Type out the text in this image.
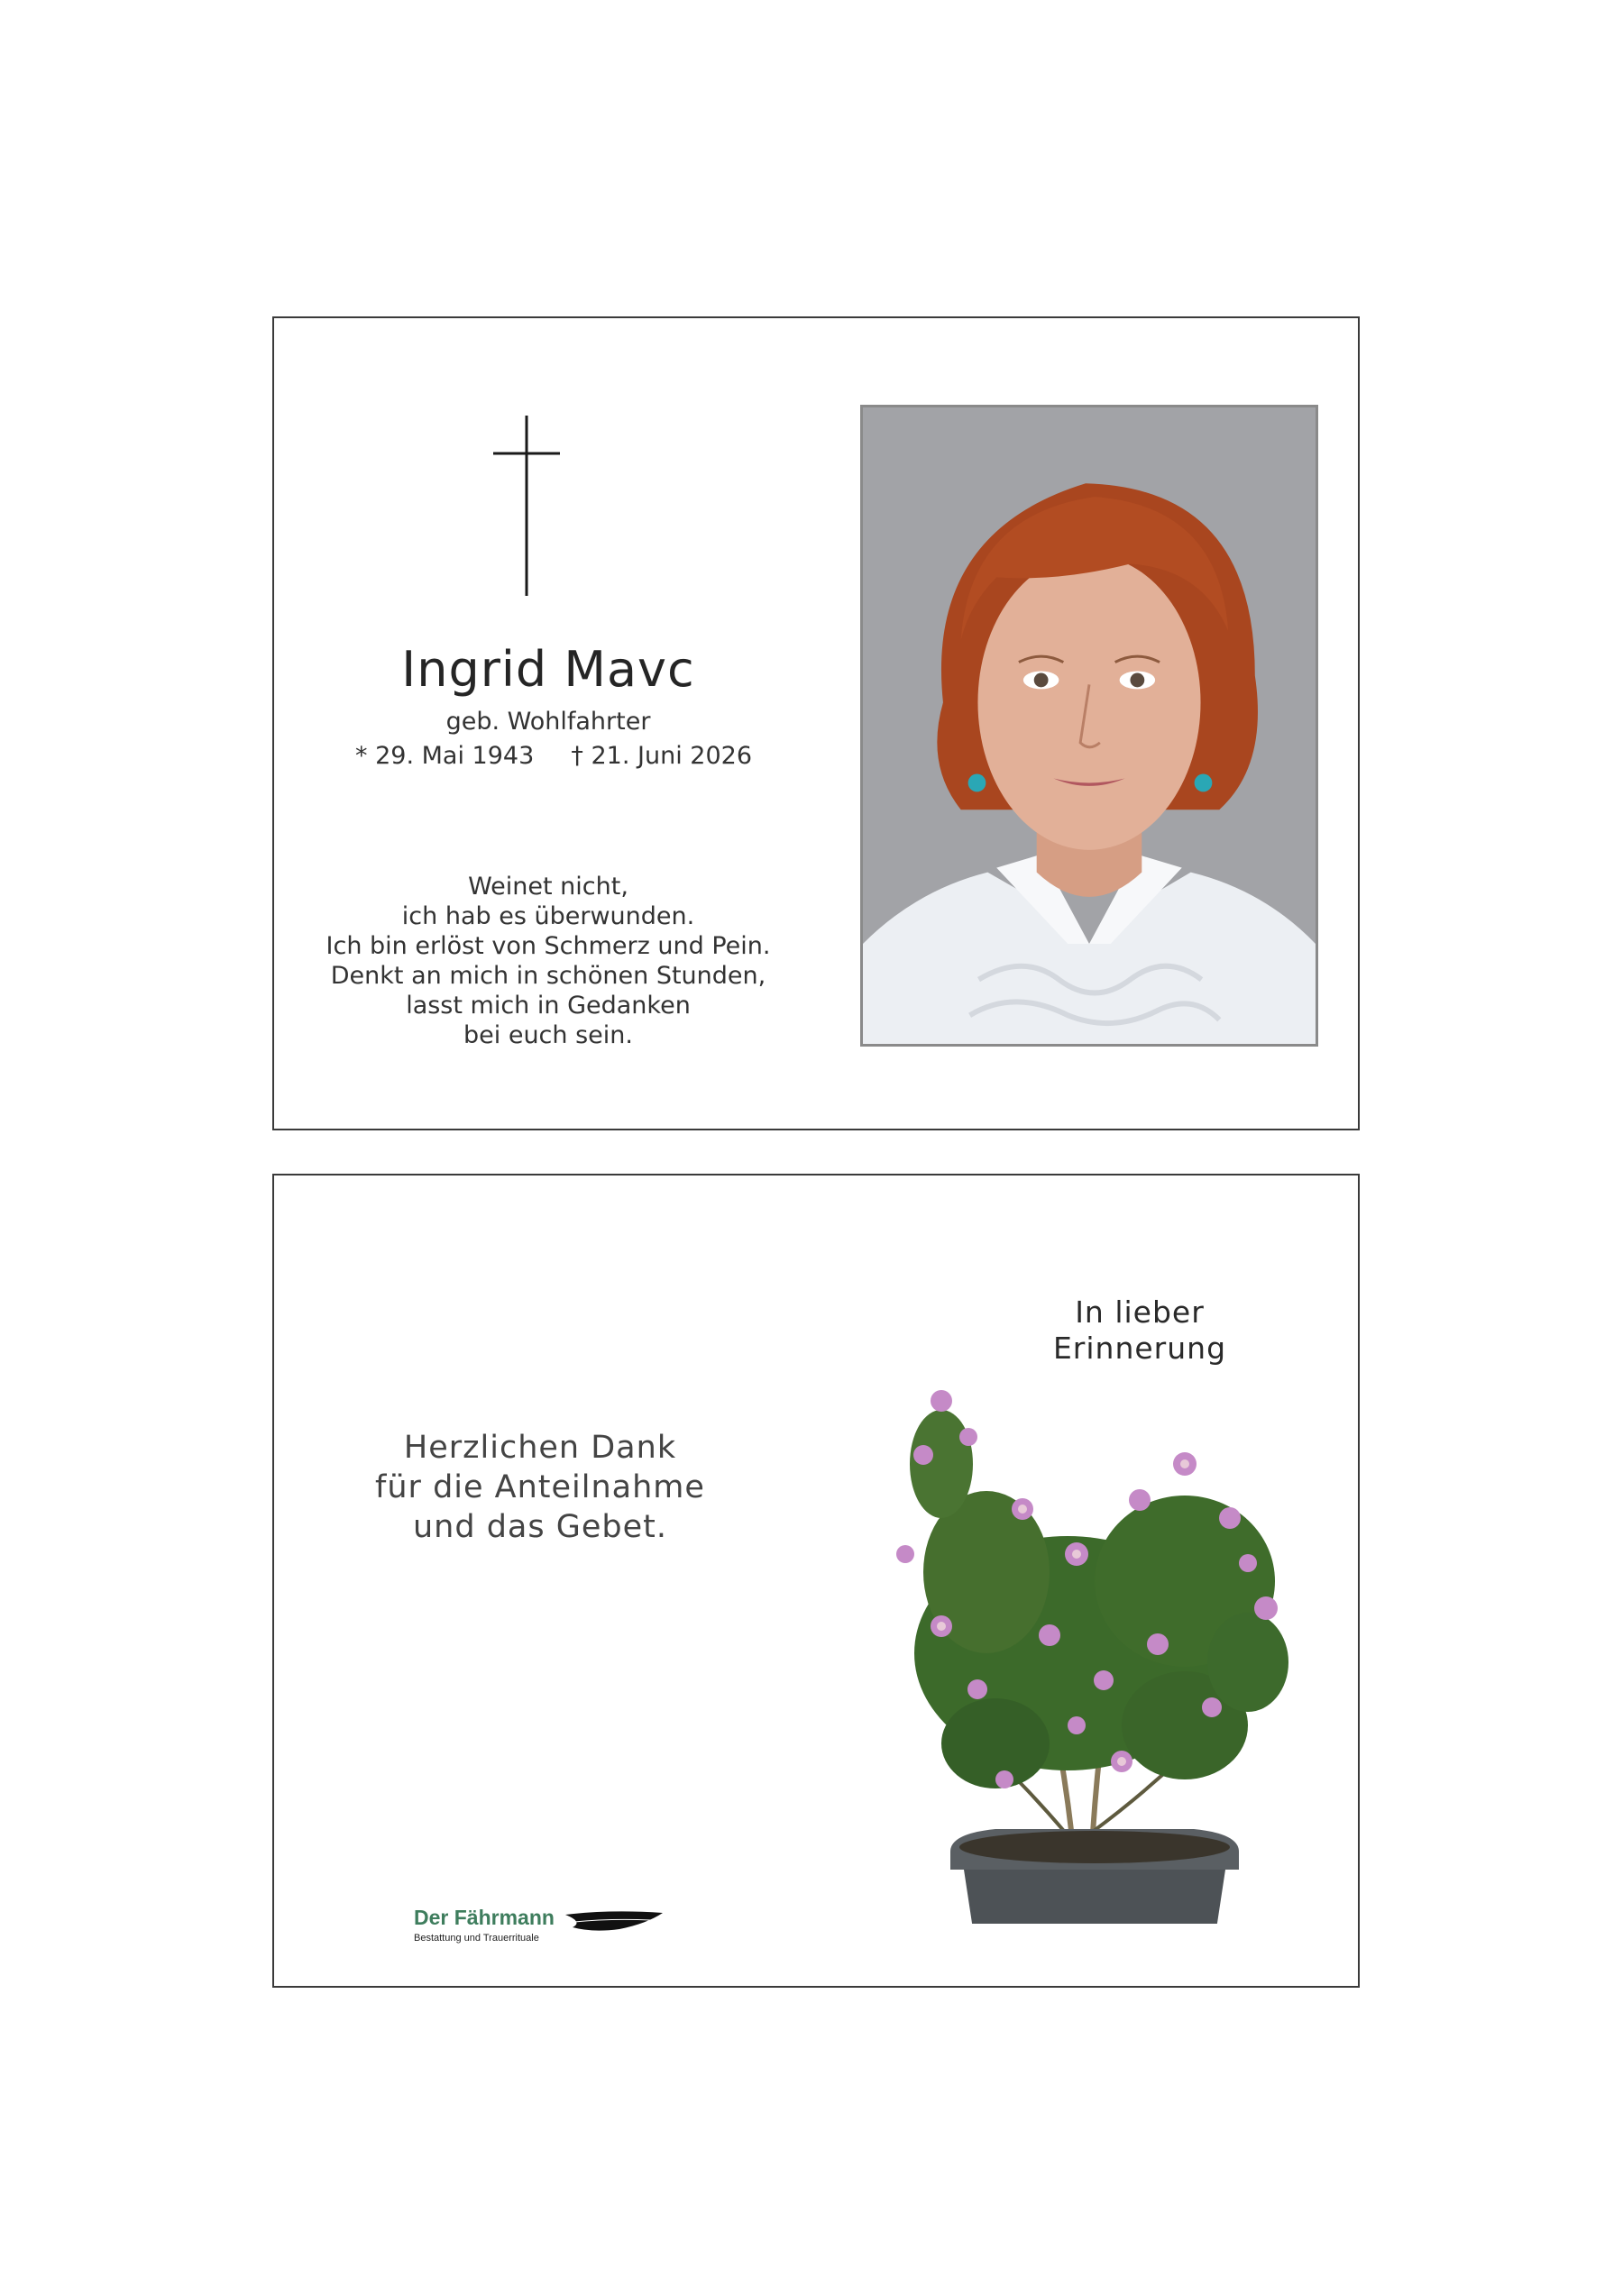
Ingrid Mavc
geb. Wohlfahrter
* 29. Mai 1943 † 21. Juni 2026
Weinet nicht,
ich hab es überwunden.
Ich bin erlöst von Schmerz und Pein.
Denkt an mich in schönen Stunden,
lasst mich in Gedanken
bei euch sein.
Herzlichen Dank
für die Anteilnahme
und das Gebet.
In lieber
Erinnerung
Der Fährmann
Bestattung und Trauerrituale
